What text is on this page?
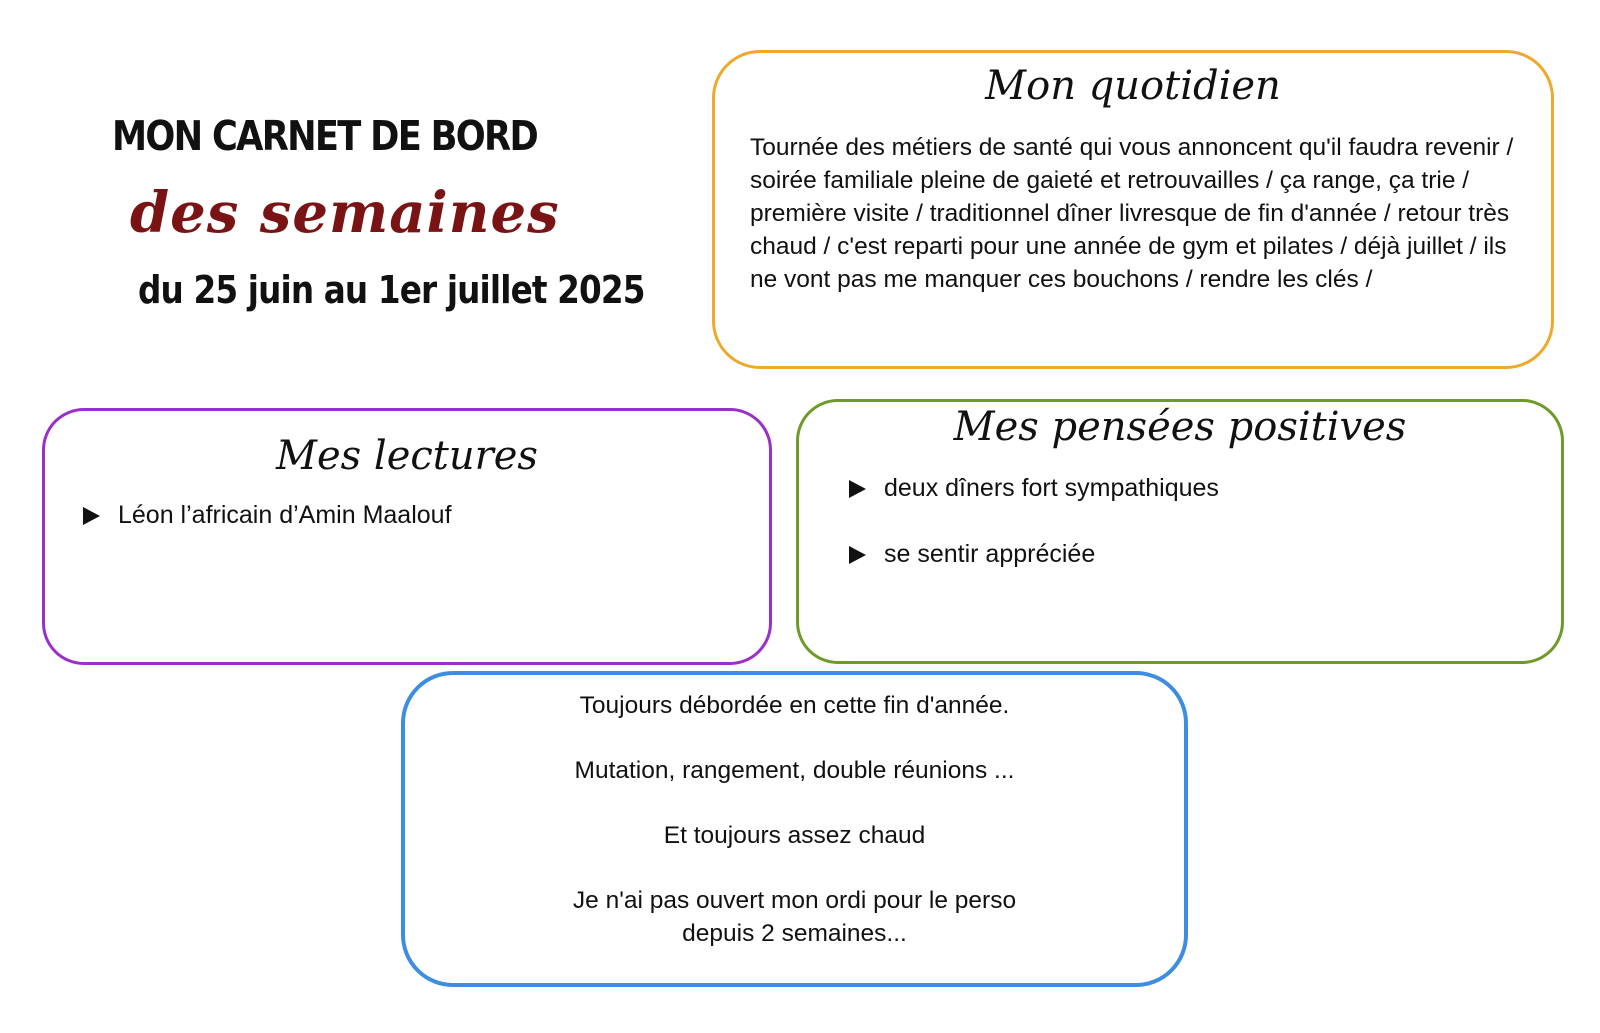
MON CARNET DE BORD
des semaines
du 25 juin au 1er juillet 2025
Mon quotidien
Tournée des métiers de santé qui vous annoncent qu'il faudra revenir / soirée familiale pleine de gaieté et retrouvailles / ça range, ça trie / première visite / traditionnel dîner livresque de fin d'année / retour très chaud / c'est reparti pour une année de gym et pilates / déjà juillet / ils ne vont pas me manquer ces bouchons / rendre les clés /
Mes lectures
Léon l’africain d’Amin Maalouf
Mes pensées positives
deux dîners fort sympathiques
se sentir appréciée

Toujours débordée en cette fin d'année.

Mutation, rangement, double réunions ...

Et toujours assez chaud

Je n'ai pas ouvert mon ordi pour le perso
depuis 2 semaines...
